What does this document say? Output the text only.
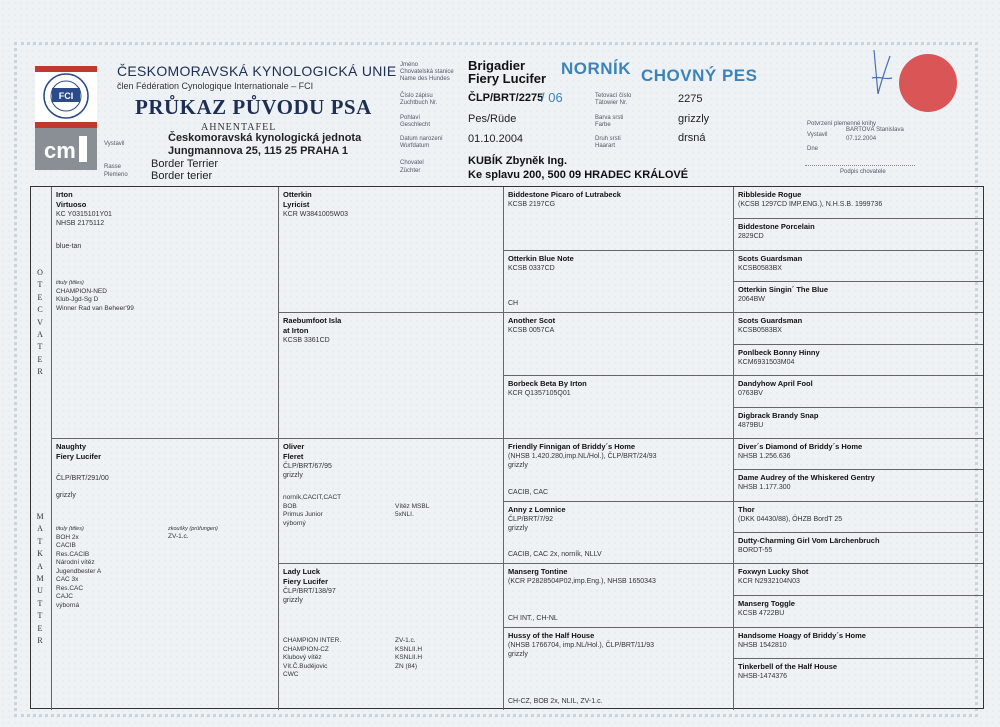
FCI
cm
ČESKOMORAVSKÁ KYNOLOGICKÁ UNIE
člen Fédération Cynologique Internationale – FCI
PRŮKAZ PŮVODU PSA
AHNENTAFEL
Vystavil	Českomoravská kynologická jednota
Jungmannova 25, 115 25 PRAHA 1
Rasse
Plemeno
Border Terrier
Border terier
Jméno
Chovatelská stanice
Name des Hundes
Číslo zápisu
Zuchtbuch Nr.
Pohlaví
Geschlecht
Datum narození
Wurfdatum
Chovatel
Züchter
Brigadier
Fiery Lucifer
NORNÍK CHOVNÝ PES
ČLP/BRT/2275
/ 06
Pes/Rüde
01.10.2004
Tetovací číslo
Tätowier Nr.
Barva srsti
Farbe
Druh srsti
Haarart
2275
grizzly
drsná
KUBÍK Zbyněk Ing.
Ke splavu 200, 500 09 HRADEC KRÁLOVÉ
Potvrzení plemenné knihy
Vystavil
BARTOVÁ Stanislava
07.12.2004
Dne
Podpis chovatele
O
T
E
C
V
A
T
E
R
M
A
T
K
A
M
U
T
T
E
R
Irton
Virtuoso
KC Y0315101Y01
NHSB 2175112
blue-tan
tituly (titles)
CHAMPION-NED
Klub-Jgd-Sg D
Winner Rad van Beheer'99
Naughty
Fiery Lucifer
ČLP/BRT/291/00
grizzly
tituly (titles)	zkoušky (prüfungen)
ZV-1.c.
BOH 2x
CACIB
Res.CACIB
Národní vítěz
Jugendbester A
CAC 3x
Res.CAC
CAJC
výborná
Otterkin
Lyricist
KCR W3841005W03
Raebumfoot Isla
at Irton
KCSB 3361CD
Oliver
Fleret
ČLP/BRT/67/95
grizzly
norník,CACIT,CACT
BOB
Primus Junior
výborný
Vítěz MSBL
5xNLI.
Lady Luck
Fiery Lucifer
ČLP/BRT/138/97
grizzly
CHAMPION INTER.
CHAMPION-CZ
Klubový vítěz
Vít.Č.Budějovic
CWC
ZV-1.c.
KSNLII.H
KSNLII.H
ZN (84)
Biddestone Picaro of Lutrabeck
KCSB 2197CG
Otterkin Blue Note
KCSB 0337CD
CH
Another Scot
KCSB 0057CA
Borbeck Beta By Irton
KCR Q1357105Q01
Friendly Finnigan of Briddy´s Home
(NHSB 1.420.280,imp.NL/Hol.), ČLP/BRT/24/93
grizzly
CACIB, CAC
Anny z Lomnice
ČLP/BRT/7/92
grizzly
CACIB, CAC 2x, norník, NLLV
Manserg Tontine
(KCR P2828504P02,imp.Eng.), NHSB 1650343
CH INT., CH-NL
Hussy of the Half House
(NHSB 1766704, imp.NL/Hol.), ČLP/BRT/11/93
grizzly
CH-CZ, BOB 2x, NLIL, ZV-1.c.
Ribbleside Rogue
(KCSB 1297CD IMP.ENG.), N.H.S.B. 1999736
Biddestone Porcelain
2829CD
Scots Guardsman
KCSB0583BX
Otterkin Singin´ The Blue
2064BW
Scots Guardsman
KCSB0583BX
Ponlbeck Bonny Hinny
KCM6931503M04
Dandyhow April Fool
0763BV
Digbrack Brandy Snap
4879BU
Diver´s Diamond of Briddy´s Home
NHSB 1.256.636
Dame Audrey of the Whiskered Gentry
NHSB 1.177.300
Thor
(DKK 04430/88), ÖHZB BordT 25
Dutty-Charming Girl Vom Lärchenbruch
BORDT-55
Foxwyn Lucky Shot
KCR N2932104N03
Manserg Toggle
KCSB 4722BU
Handsome Hoagy of Briddy´s Home
NHSB 1542810
Tinkerbell of the Half House
NHSB-1474376
